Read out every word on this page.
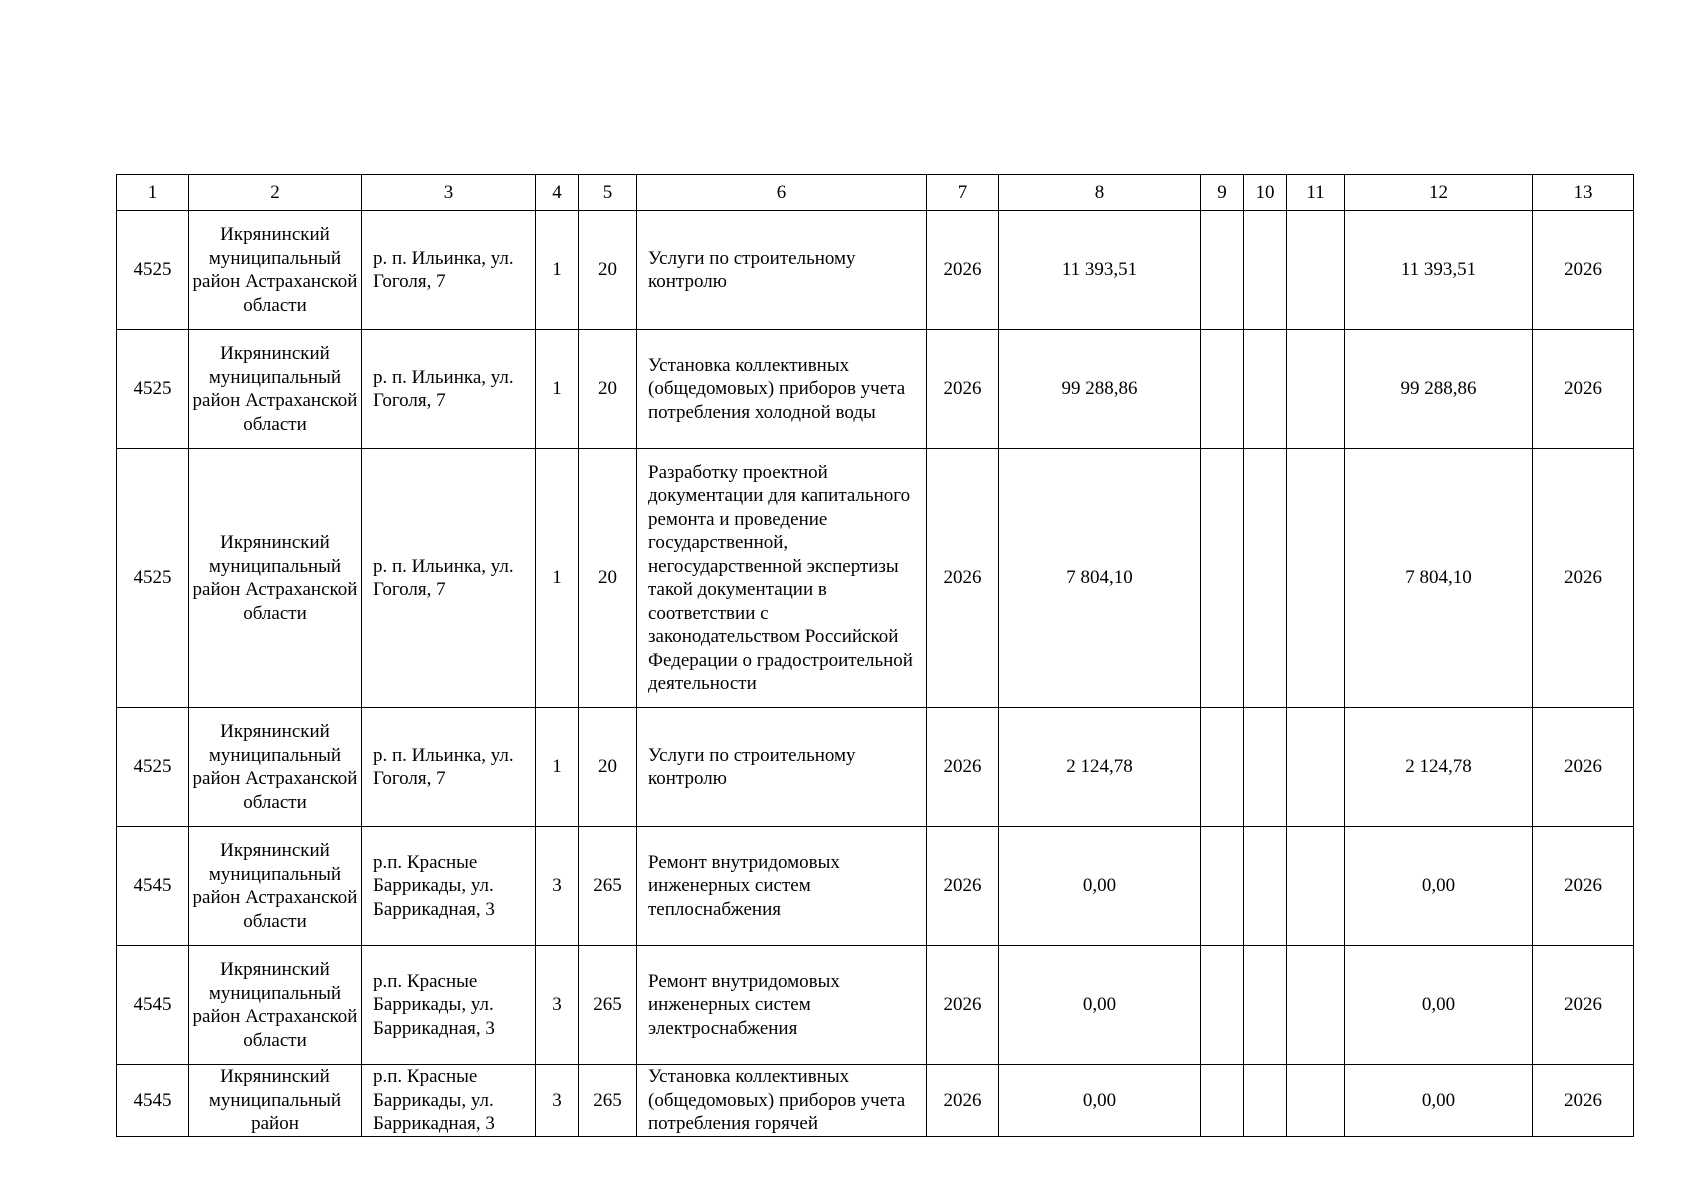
1	2	3	4	5	6	7	8	9	10	11	12	13
4525	Икрянинский муниципальный район Астраханской области	р. п. Ильинка, ул. Гоголя, 7	1	20	Услуги по строительному контролю	2026	11 393,51				11 393,51	2026
4525	Икрянинский муниципальный район Астраханской области	р. п. Ильинка, ул. Гоголя, 7	1	20	Установка коллективных (общедомовых) приборов учета потребления холодной воды	2026	99 288,86				99 288,86	2026
4525	Икрянинский муниципальный район Астраханской области	р. п. Ильинка, ул. Гоголя, 7	1	20	Разработку проектной документации для капитального ремонта и проведение государственной, негосударственной экспертизы такой документации в соответствии с законодательством Российской Федерации о градостроительной деятельности	2026	7 804,10				7 804,10	2026
4525	Икрянинский муниципальный район Астраханской области	р. п. Ильинка, ул. Гоголя, 7	1	20	Услуги по строительному контролю	2026	2 124,78				2 124,78	2026
4545	Икрянинский муниципальный район Астраханской области	р.п. Красные Баррикады, ул. Баррикадная, 3	3	265	Ремонт внутридомовых инженерных систем теплоснабжения	2026	0,00				0,00	2026
4545	Икрянинский муниципальный район Астраханской области	р.п. Красные Баррикады, ул. Баррикадная, 3	3	265	Ремонт внутридомовых инженерных систем электроснабжения	2026	0,00				0,00	2026
4545	Икрянинский муниципальный район	р.п. Красные Баррикады, ул. Баррикадная, 3	3	265	Установка коллективных (общедомовых) приборов учета потребления горячей	2026	0,00				0,00	2026
